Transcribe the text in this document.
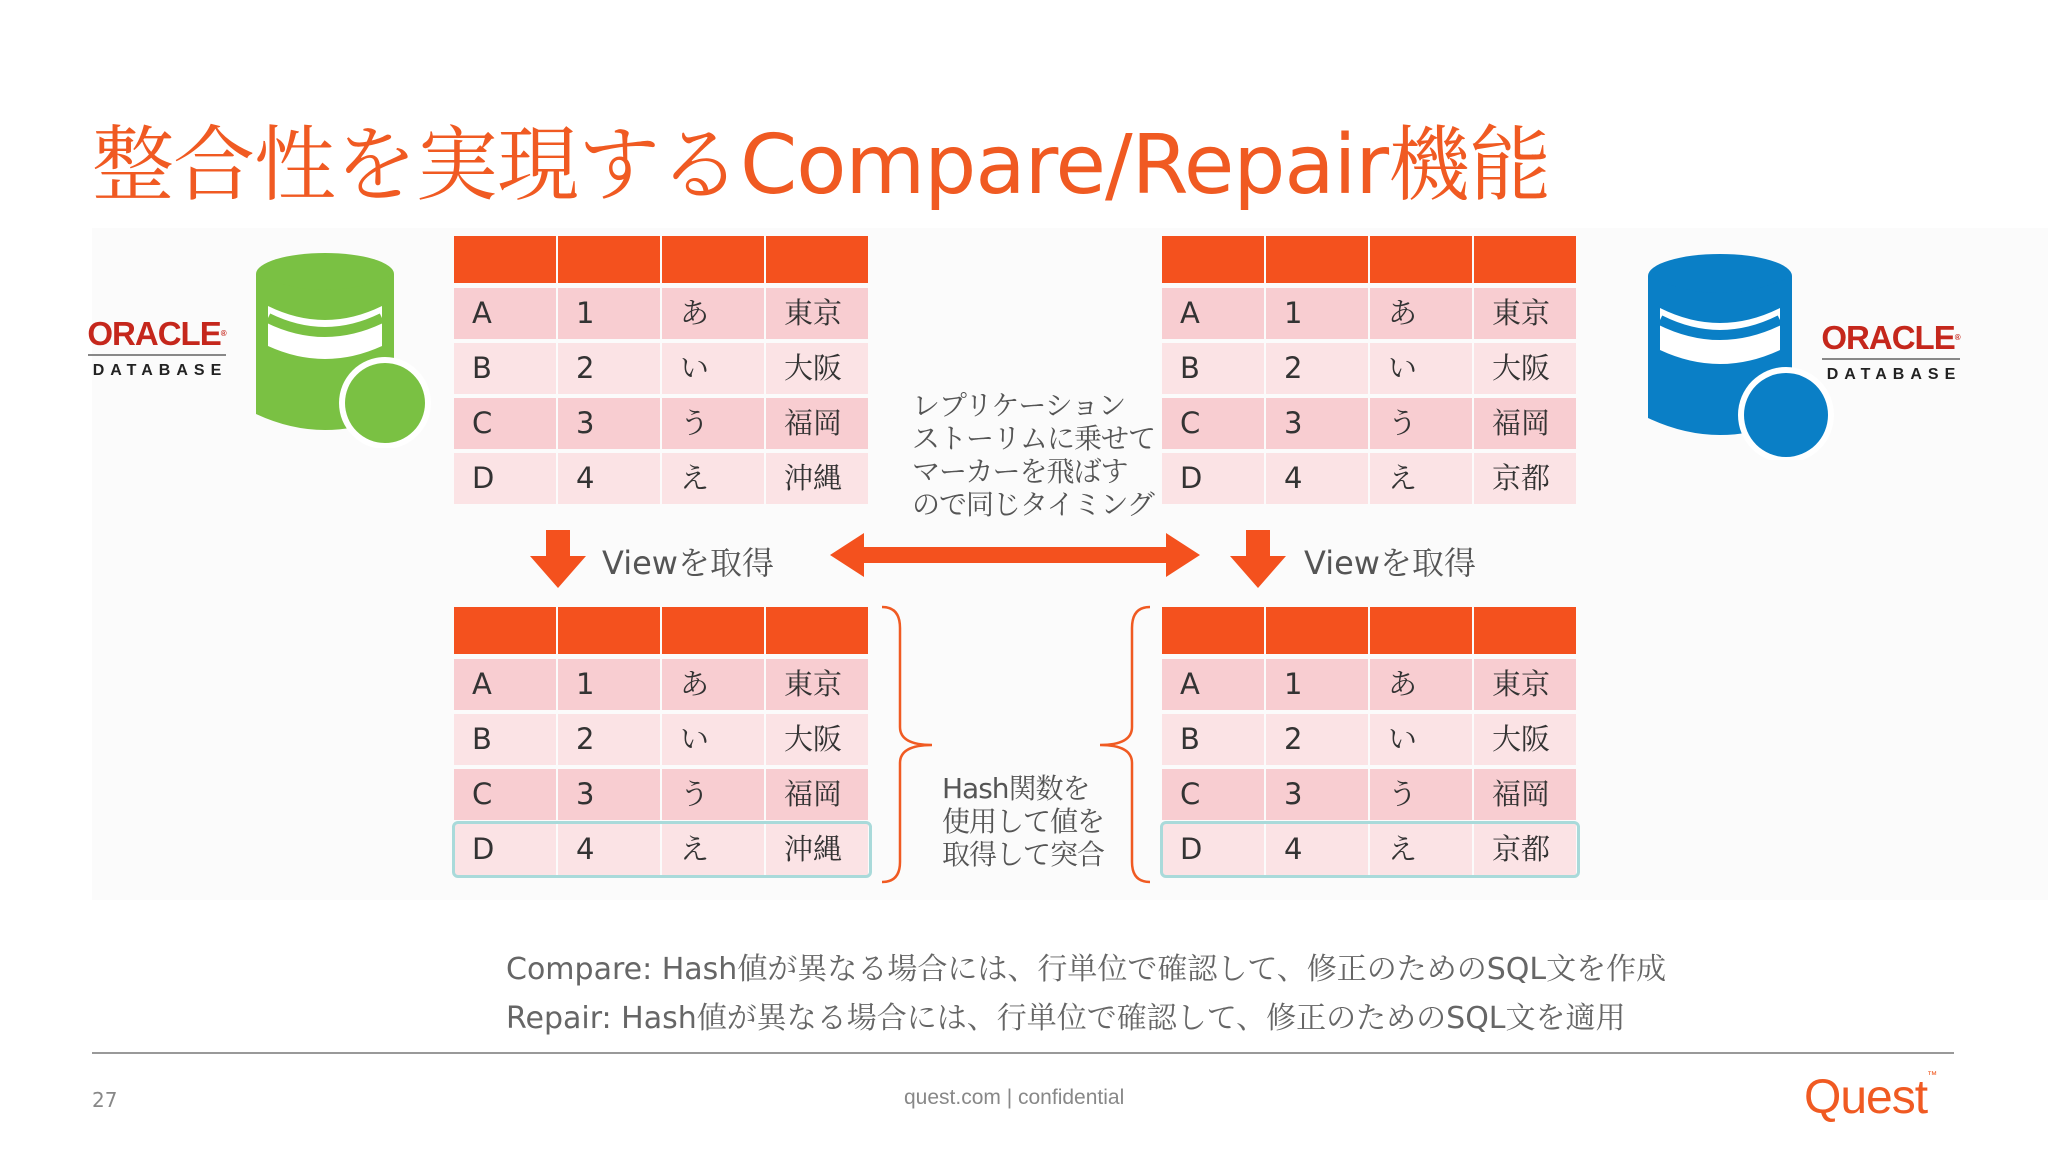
整合性を実現するCompare/Repair機能
ORACLE®
DATABASE
ORACLE®
DATABASE
A	1	あ	東京
B	2	い	大阪
C	3	う	福岡
D	4	え	沖縄
A	1	あ	東京
B	2	い	大阪
C	3	う	福岡
D	4	え	京都
A	1	あ	東京
B	2	い	大阪
C	3	う	福岡
D	4	え	沖縄
A	1	あ	東京
B	2	い	大阪
C	3	う	福岡
D	4	え	京都
レプリケーション
ストーリムに乗せて
マーカーを飛ばす
ので同じタイミング
Hash関数を
使用して値を
取得して突合
Viewを取得	Viewを取得
Compare: Hash値が異なる場合には、行単位で確認して、修正のためのSQL文を作成
Repair: Hash値が異なる場合には、行単位で確認して、修正のためのSQL文を適用
27	quest.com | confidential	Quest™
